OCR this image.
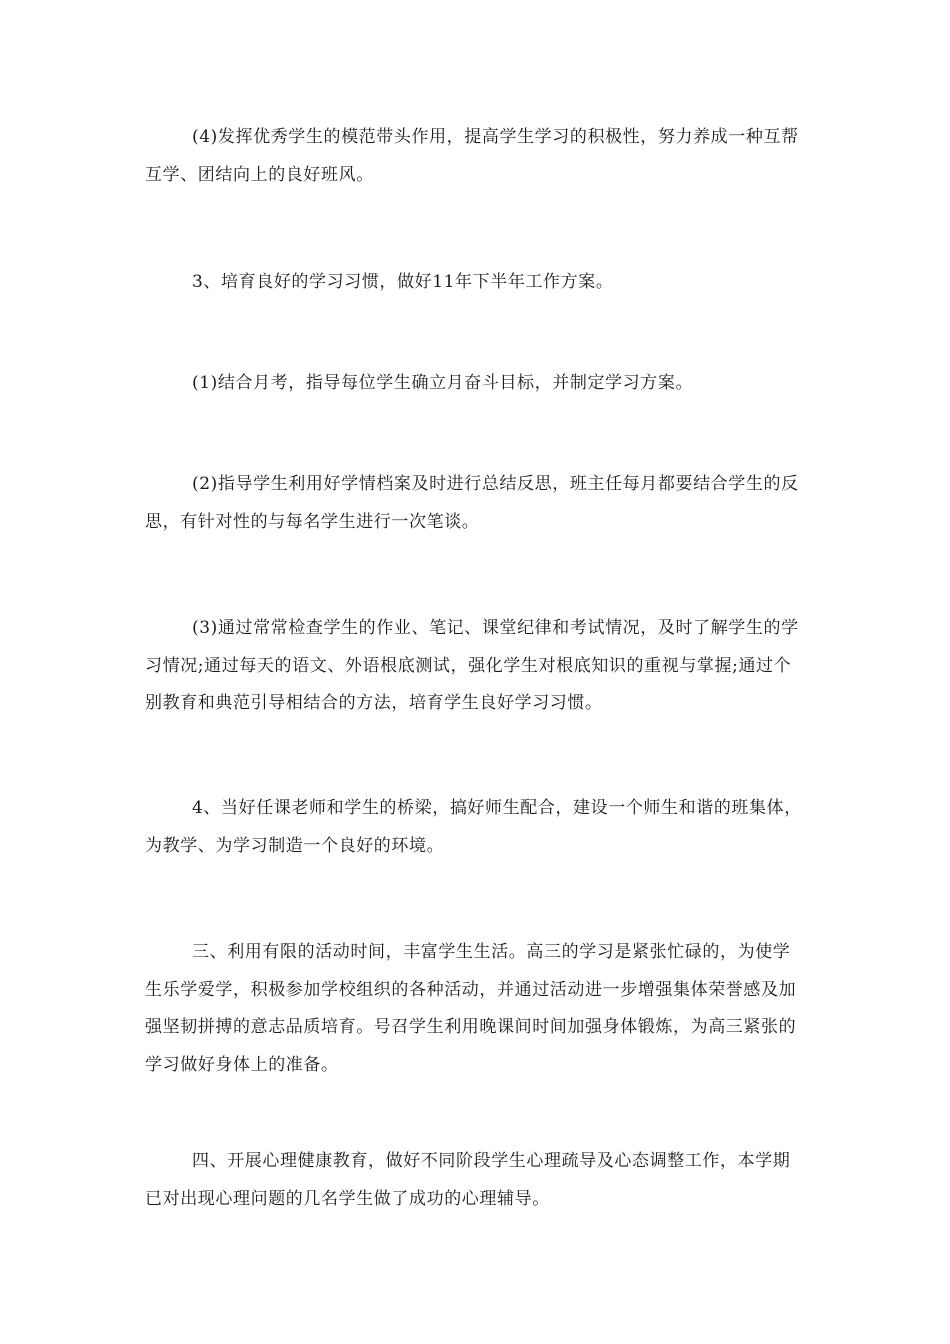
(4)发挥优秀学生的模范带头作用，提高学生学习的积极性，努力养成一种互帮互学、团结向上的良好班风。

3、培育良好的学习习惯，做好11年下半年工作方案。

(1)结合月考，指导每位学生确立月奋斗目标，并制定学习方案。

(2)指导学生利用好学情档案及时进行总结反思，班主任每月都要结合学生的反思，有针对性的与每名学生进行一次笔谈。

(3)通过常常检查学生的作业、笔记、课堂纪律和考试情况，及时了解学生的学习情况;通过每天的语文、外语根底测试，强化学生对根底知识的重视与掌握;通过个别教育和典范引导相结合的方法，培育学生良好学习习惯。

4、当好任课老师和学生的桥梁，搞好师生配合，建设一个师生和谐的班集体，为教学、为学习制造一个良好的环境。

三、利用有限的活动时间，丰富学生生活。高三的学习是紧张忙碌的，为使学生乐学爱学，积极参加学校组织的各种活动，并通过活动进一步增强集体荣誉感及加强坚韧拼搏的意志品质培育。号召学生利用晚课间时间加强身体锻炼，为高三紧张的学习做好身体上的准备。

四、开展心理健康教育，做好不同阶段学生心理疏导及心态调整工作，本学期已对出现心理问题的几名学生做了成功的心理辅导。
